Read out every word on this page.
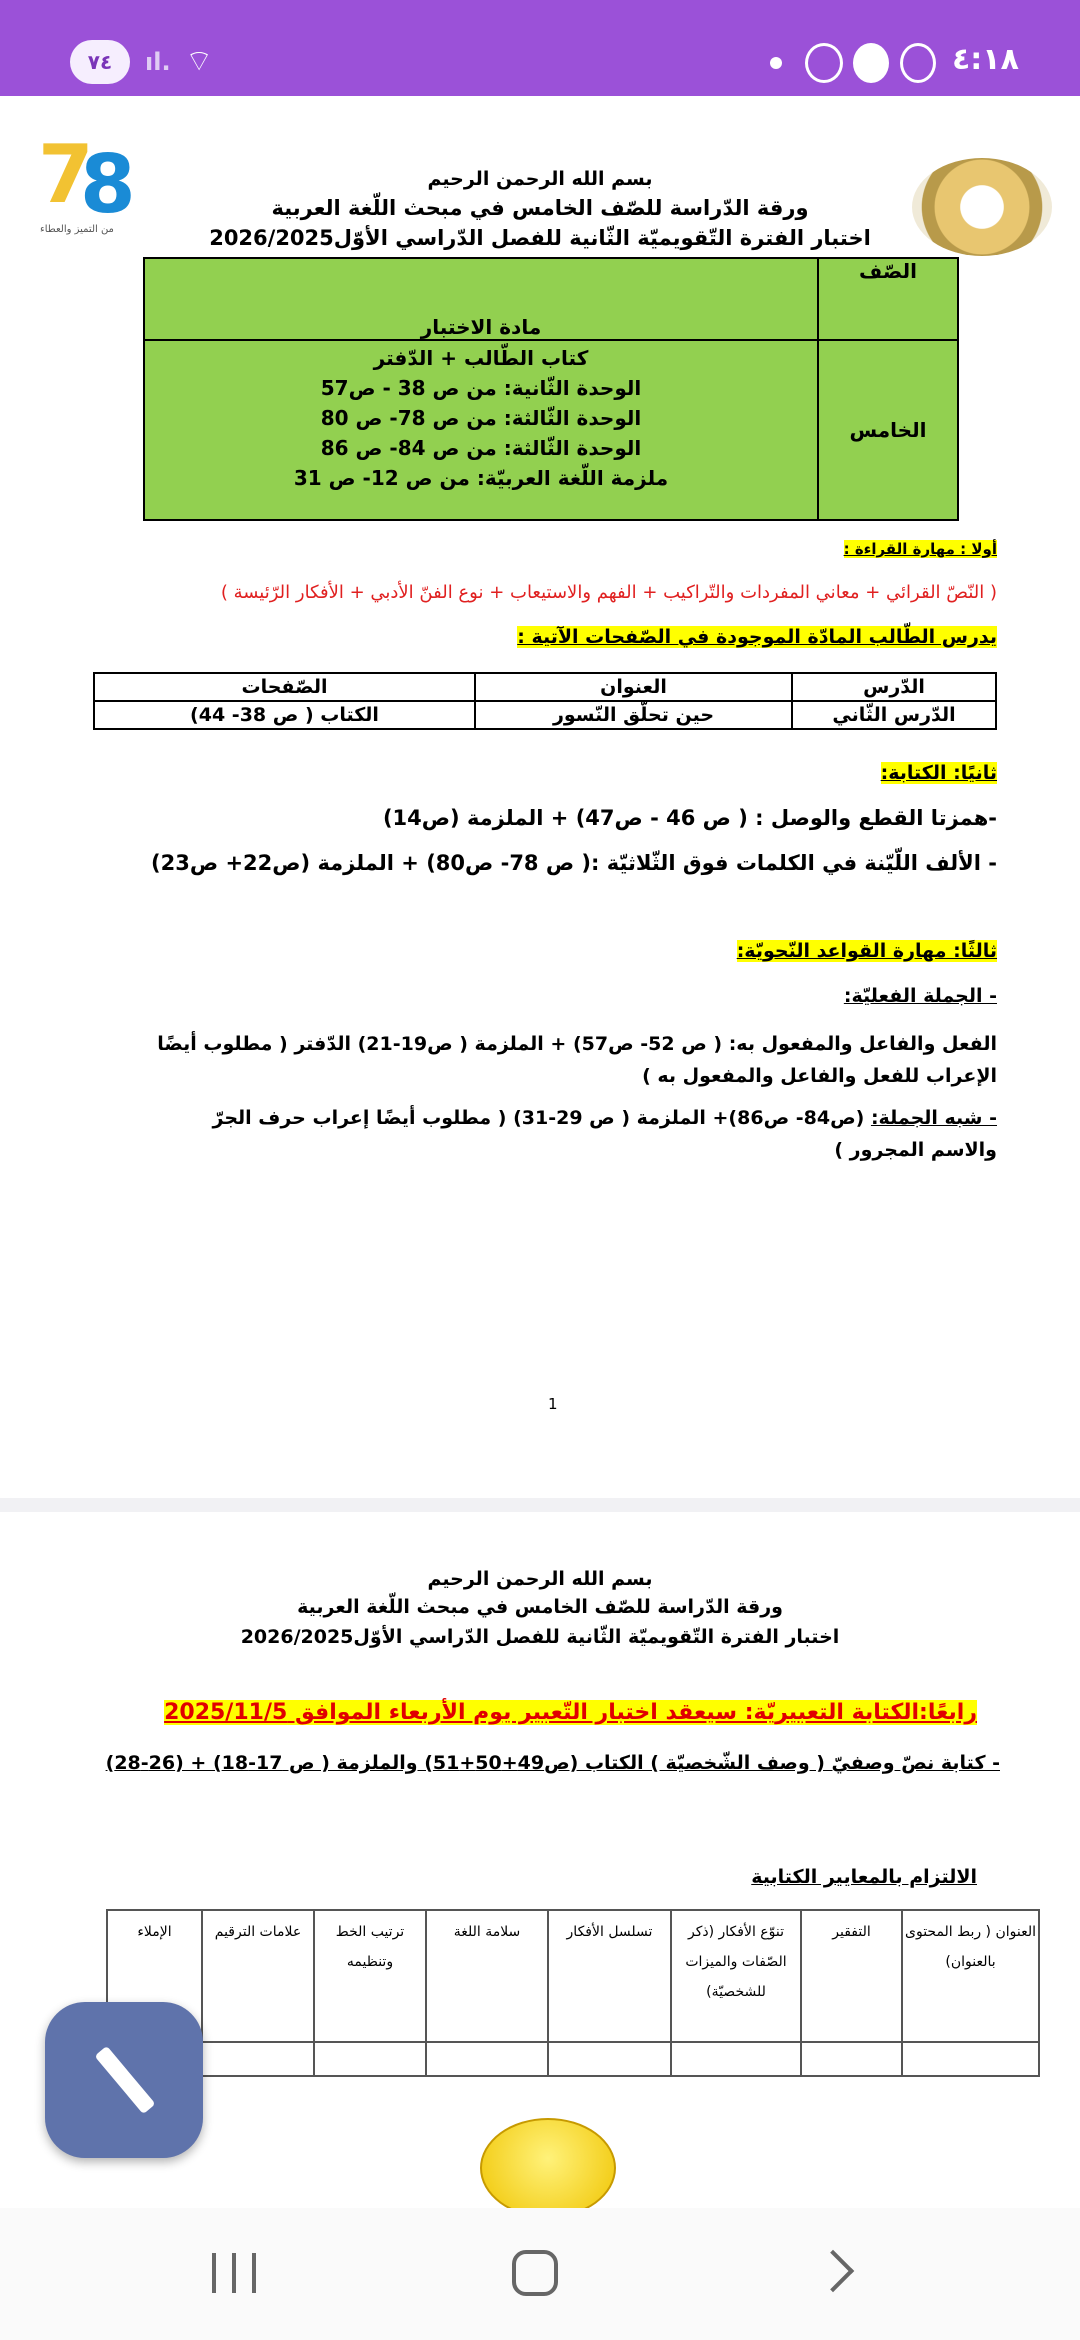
٧٤	ıl. ⌔	٤:١٨
7
8
من التميز والعطاء
بسم الله الرحمن الرحيم
ورقة الدّراسة للصّف الخامس في مبحث اللّغة العربية
اختبار الفترة التّقويميّة الثّانية للفصل الدّراسي الأوّل2026/2025
الصّف	مادة الاختبار
الخامس	كتاب الطّالب + الدّفتر
الوحدة الثّانية: من ص 38 - ص57
الوحدة الثّالثة: من ص 78- ص 80
الوحدة الثّالثة: من ص 84- ص 86
ملزمة اللّغة العربيّة: من ص 12- ص 31
أولا : مهارة القراءة :
( النّصّ القرائي + معاني المفردات والتّراكيب + الفهم والاستيعاب + نوع الفنّ الأدبي + الأفكار الرّئيسة )
يدرس الطّالب المادّة الموجودة في الصّفحات الآتية :
الدّرس	العنوان	الصّفحات
الدّرس الثّاني	حين تحلّق النّسور	الكتاب ( ص 38- 44)
ثانيًا: الكتابة:
-همزتا القطع والوصل : ( ص 46 - ص47) + الملزمة (ص14)
- الألف اللّيّنة في الكلمات فوق الثّلاثيّة :( ص 78- ص80) + الملزمة (ص22+ ص23)
ثالثًا: مهارة القواعد النّحويّة:
- الجملة الفعليّة:
الفعل والفاعل والمفعول به: ( ص 52- ص57) + الملزمة ( ص19-21) الدّفتر ( مطلوب أيضًا الإعراب للفعل والفاعل والمفعول به )
- شبه الجملة: (ص84- ص86)+ الملزمة ( ص 29-31) ( مطلوب أيضًا إعراب حرف الجرّ والاسم المجرور )
1
بسم الله الرحمن الرحيم
ورقة الدّراسة للصّف الخامس في مبحث اللّغة العربية
اختبار الفترة التّقويميّة الثّانية للفصل الدّراسي الأوّل2026/2025
رابعًا:الكتابة التعبيريّة: سيعقد اختبار التّعبير يوم الأربعاء الموافق 2025/11/5
- كتابة نصّ وصفيّ ( وصف الشّخصيّة ) الكتاب (ص49+50+51) والملزمة ( ص 17-18) + (26-28)
الالتزام بالمعايير الكتابية
العنوان ( ربط المحتوى بالعنوان)	التفقير	تنوّع الأفكار (ذكر الصّفات والميزات للشخصيّة)	تسلسل الأفكار	سلامة اللغة	ترتيب الخط وتنظيمه	علامات الترقيم	الإملاء
